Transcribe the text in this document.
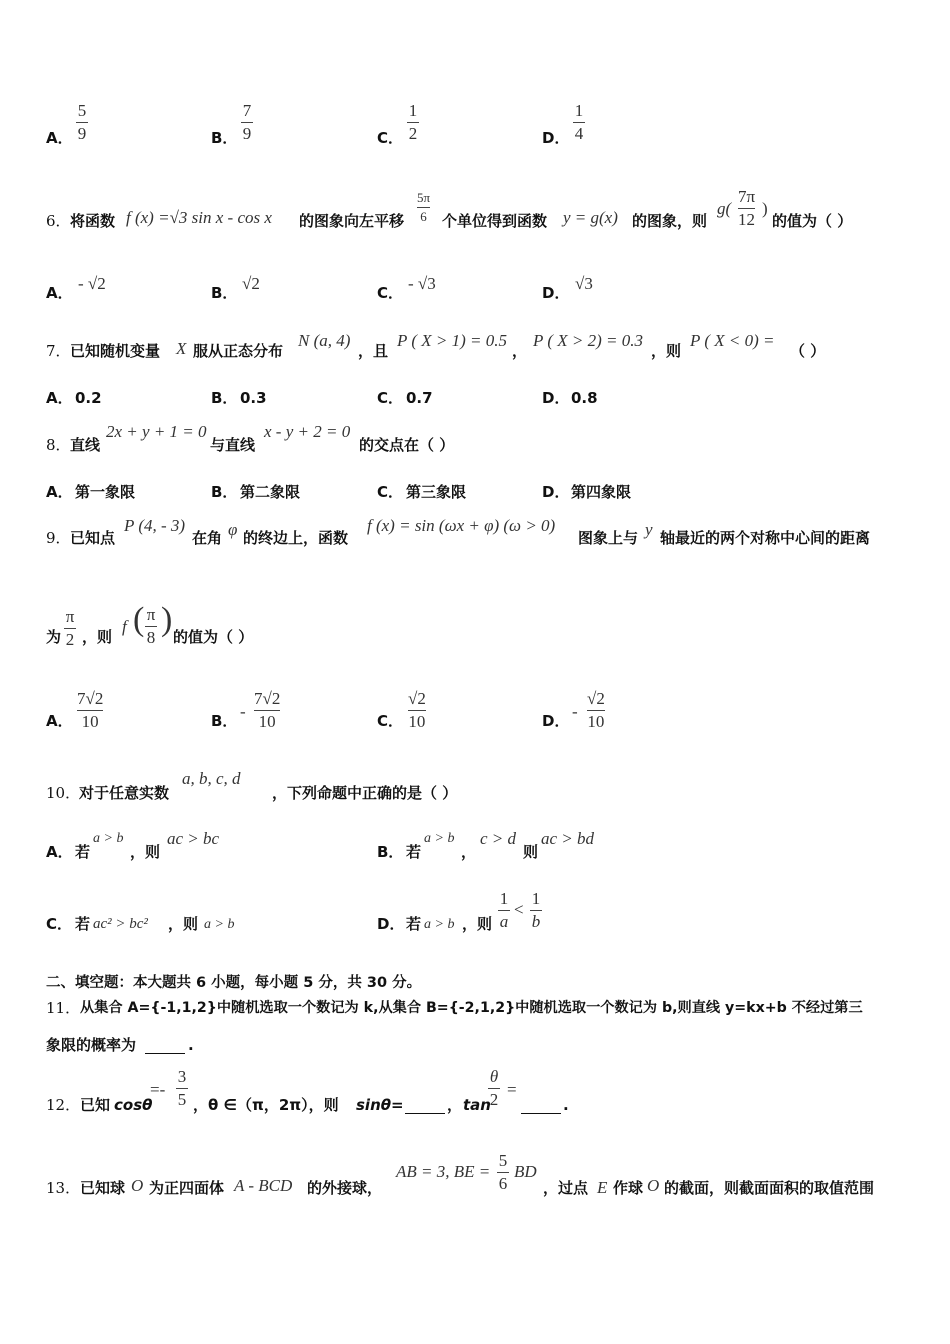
A．
5
9	B．
7
9	C．
1
2	D．
1
4
6． 将函数 f (x) =√3 sin x - cos x 的图象向左平移
5π
6 个单位得到函数 y = g(x) 的图象，则
g(
7π
12
)
的值为（ ）
A． - √2	B． √2	C． - √3	D． √3
7． 已知随机变量 X 服从正态分布
N (a, 4)
，且
P ( X > 1) = 0.5
，
P ( X > 2) = 0.3
，则
P ( X < 0) =
（ ）
A． 0.2	B． 0.3	C． 0.7	D． 0.8
8． 直线
2x + y + 1 = 0
与直线
x - y + 2 = 0
的交点在（ ）
A． 第一象限	B． 第二象限	C． 第三象限	D． 第四象限
9． 已知点
P (4, - 3)
在角 φ 的终边上，函数
f (x) = sin (ωx + φ) (ω > 0)
图象上与 y 轴最近的两个对称中心间的距离
为
π
2 ，则
f ( π
8 ) 的值为（ ）
A．
7√2
10	B． -
7√2
10	C．
√2
10	D． -
√2
10
10．
对于任意实数
a, b, c, d
，下列命题中正确的是（ ）
A． 若
a > b
，则
ac > bc
B． 若
a > b
，
c > d
则
ac > bd
C． 若 ac² > bc² ，则 a > b	D． 若 a > b ，则
1
a
<
1
b
二、填空题：本大题共 6 小题，每小题 5 分，共 30 分。
11． 从集合 A={-1,1,2}中随机选取一个数记为 k,从集合 B={-2,1,2}中随机选取一个数记为 b,则直线 y=kx+b 不经过第三
象限的概率为	.
12． 已知 cosθ
=-
3
5 ，θ ∈（π，2π），则 sinθ=	， tan
θ
2
=
.
13． 已知球 O 为正四面体 A - BCD 的外接球，
AB = 3, BE =
5
6
BD
，过点 E 作球 O 的截面，则截面面积的取值范围
